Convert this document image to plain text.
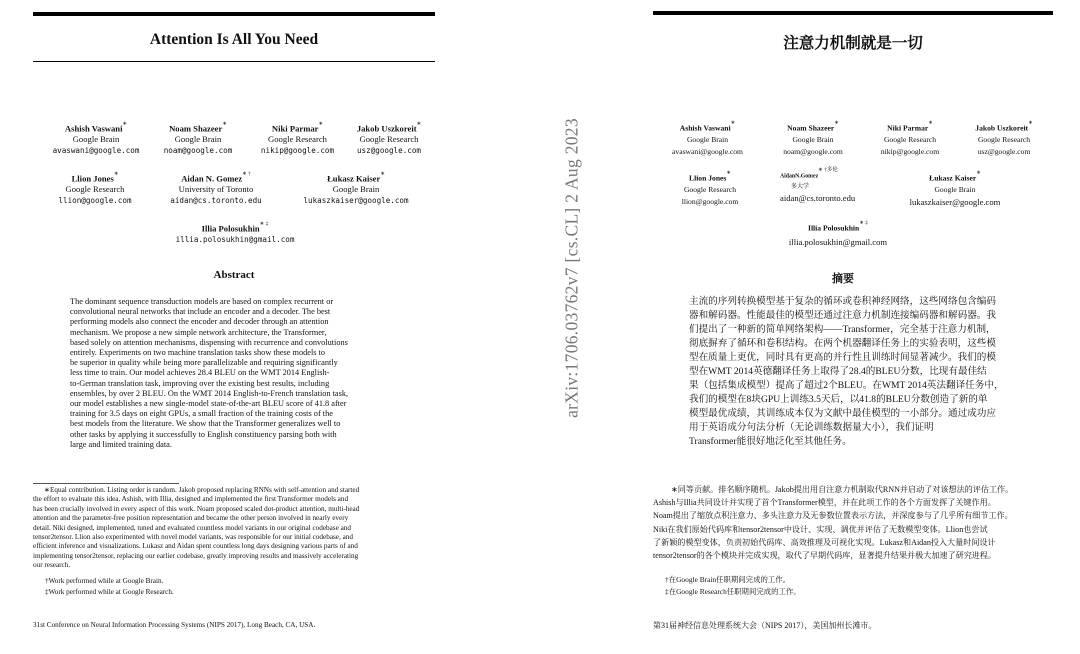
Attention Is All You Need
Ashish Vaswani∗
Google Brain
avaswani@google.com
Noam Shazeer∗
Google Brain
noam@google.com
Niki Parmar∗
Google Research
nikip@google.com
Jakob Uszkoreit∗
Google Research
usz@google.com
Llion Jones∗
Google Research
llion@google.com
Aidan N. Gomez∗ †
University of Toronto
aidan@cs.toronto.edu
Łukasz Kaiser∗
Google Brain
lukaszkaiser@google.com
Illia Polosukhin∗ ‡
illia.polosukhin@gmail.com
Abstract
The dominant sequence transduction models are based on complex recurrent or
convolutional neural networks that include an encoder and a decoder. The best
performing models also connect the encoder and decoder through an attention
mechanism. We propose a new simple network architecture, the Transformer,
based solely on attention mechanisms, dispensing with recurrence and convolutions
entirely. Experiments on two machine translation tasks show these models to
be superior in quality while being more parallelizable and requiring significantly
less time to train. Our model achieves 28.4 BLEU on the WMT 2014 English-
to-German translation task, improving over the existing best results, including
ensembles, by over 2 BLEU. On the WMT 2014 English-to-French translation task,
our model establishes a new single-model state-of-the-art BLEU score of 41.8 after
training for 3.5 days on eight GPUs, a small fraction of the training costs of the
best models from the literature. We show that the Transformer generalizes well to
other tasks by applying it successfully to English constituency parsing both with
large and limited training data.
∗Equal contribution. Listing order is random. Jakob proposed replacing RNNs with self-attention and started
the effort to evaluate this idea. Ashish, with Illia, designed and implemented the first Transformer models and
has been crucially involved in every aspect of this work. Noam proposed scaled dot-product attention, multi-head
attention and the parameter-free position representation and became the other person involved in nearly every
detail. Niki designed, implemented, tuned and evaluated countless model variants in our original codebase and
tensor2tensor. Llion also experimented with novel model variants, was responsible for our initial codebase, and
efficient inference and visualizations. Lukasz and Aidan spent countless long days designing various parts of and
implementing tensor2tensor, replacing our earlier codebase, greatly improving results and massively accelerating
our research.
†Work performed while at Google Brain.
‡Work performed while at Google Research.
31st Conference on Neural Information Processing Systems (NIPS 2017), Long Beach, CA, USA.
arXiv:1706.03762v7 [cs.CL] 2 Aug 2023
注意力机制就是一切
Ashish Vaswani∗
Google Brain
avaswani@google.com
Noam Shazeer∗
Google Brain
noam@google.com
Niki Parmar∗
Google Research
nikip@google.com
Jakob Uszkoreit∗
Google Research
usz@google.com
Llion Jones∗
Google Research
llion@google.com
AidanN.Gomez$^{∗ \dagger 多伦}$
多大学
aidan@cs.toronto.edu
Łukasz Kaiser∗
Google Brain
lukaszkaiser@google.com
Illia Polosukhin∗ ‡
illia.polosukhin@gmail.com
摘要
主流的序列转换模型基于复杂的循环或卷积神经网络，这些网络包含编码
器和解码器。性能最佳的模型还通过注意力机制连接编码器和解码器。我
们提出了一种新的简单网络架构——Transformer，完全基于注意力机制，
彻底摒弃了循环和卷积结构。在两个机器翻译任务上的实验表明，这些模
型在质量上更优，同时具有更高的并行性且训练时间显著减少。我们的模
型在WMT 2014英德翻译任务上取得了28.4的BLEU分数，比现有最佳结
果（包括集成模型）提高了超过2个BLEU。在WMT 2014英法翻译任务中，
我们的模型在8块GPU上训练3.5天后，以41.8的BLEU分数创造了新的单
模型最优成绩，其训练成本仅为文献中最佳模型的一小部分。通过成功应
用于英语成分句法分析（无论训练数据量大小），我们证明
Transformer能很好地泛化至其他任务。
∗同等贡献。排名顺序随机。Jakob提出用自注意力机制取代RNN并启动了对该想法的评估工作。
Ashish与Illia共同设计并实现了首个Transformer模型，并在此项工作的各个方面发挥了关键作用。
Noam提出了缩放点积注意力、多头注意力及无参数位置表示方法，并深度参与了几乎所有细节工作。
Niki在我们原始代码库和tensor2tensor中设计、实现、调优并评估了无数模型变体。Llion也尝试
了新颖的模型变体，负责初始代码库、高效推理及可视化实现。Lukasz和Aidan投入大量时间设计
tensor2tensor的各个模块并完成实现，取代了早期代码库，显著提升结果并极大加速了研究进程。
†在Google Brain任职期间完成的工作。
‡在Google Research任职期间完成的工作。
第31届神经信息处理系统大会（NIPS 2017），美国加州长滩市。
